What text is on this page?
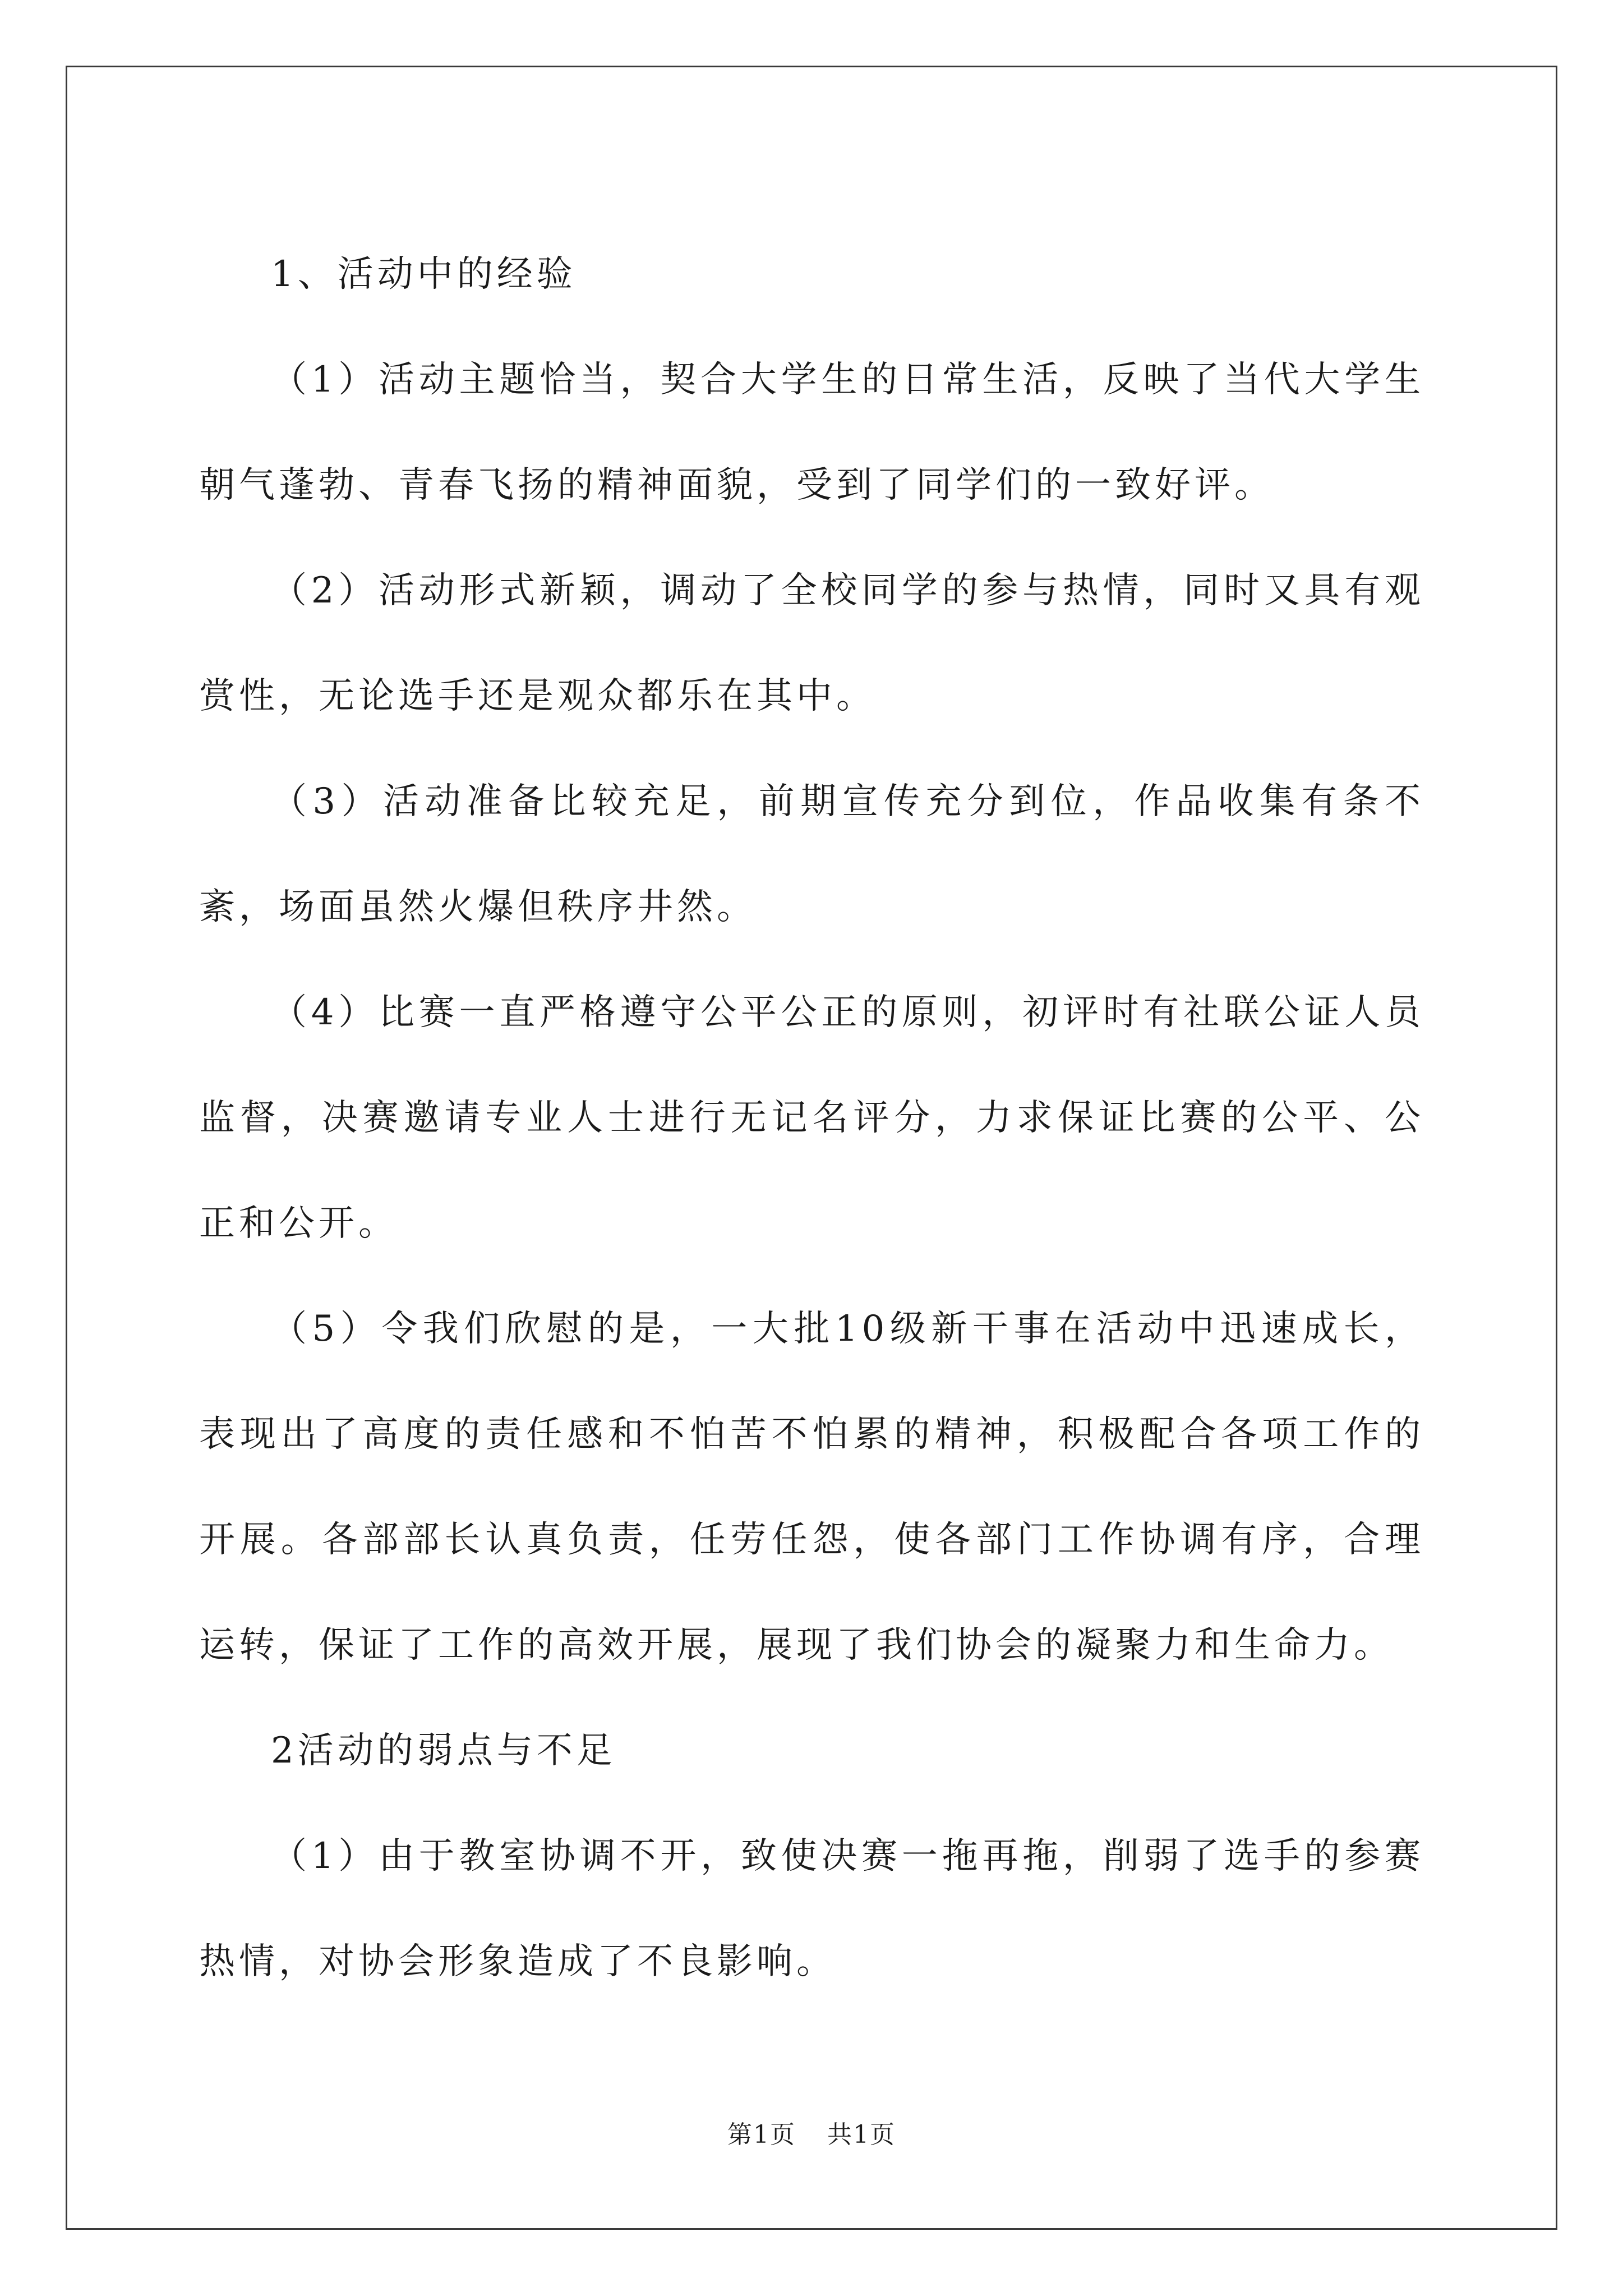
1、活动中的经验

（1）活动主题恰当，契合大学生的日常生活，反映了当代大学生朝气蓬勃、青春飞扬的精神面貌，受到了同学们的一致好评。

（2）活动形式新颖，调动了全校同学的参与热情，同时又具有观赏性，无论选手还是观众都乐在其中。

（3）活动准备比较充足，前期宣传充分到位，作品收集有条不紊，场面虽然火爆但秩序井然。

（4）比赛一直严格遵守公平公正的原则，初评时有社联公证人员监督，决赛邀请专业人士进行无记名评分，力求保证比赛的公平、公正和公开。

（5）令我们欣慰的是，一大批10级新干事在活动中迅速成长，表现出了高度的责任感和不怕苦不怕累的精神，积极配合各项工作的开展。各部部长认真负责，任劳任怨，使各部门工作协调有序，合理运转，保证了工作的高效开展，展现了我们协会的凝聚力和生命力。

2活动的弱点与不足

（1）由于教室协调不开，致使决赛一拖再拖，削弱了选手的参赛热情，对协会形象造成了不良影响。

第1页 共1页
